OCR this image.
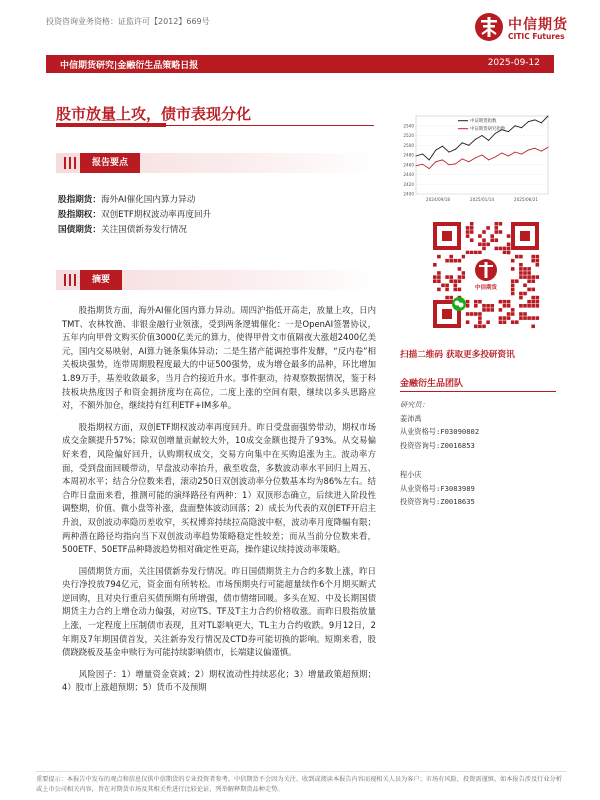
投资咨询业务资格：证监许可【2012】669号	中信期货
CITIC Futures
中信期货研究|金融衍生品策略日报	2025-09-12
股市放量上攻，债市表现分化
报告要点
股指期货：海外AI催化国内算力异动
股指期权：双创ETF期权波动率再度回升
国债期货：关注国债新券发行情况
摘要

股指期货方面，海外AI催化国内算力异动。周四沪指低开高走，放量上攻，日内TMT、农林牧渔、非银金融行业领涨，受到两条逻辑催化：一是OpenAI签署协议，五年内向甲骨文购买价值3000亿美元的算力，使得甲骨文市值隔夜大涨超2400亿美元，国内交易映射，AI算力链条集体异动；二是生猪产能调控事件发酵，“反内卷”相关板块强势，连带周期股程度最大的中证500强势，成为增仓最多的品种，环比增加1.89万手，基差收敛最多，当月合约接近升水。事件驱动，待观察数据情况，鉴于科技板块热度因子和资金拥挤度均在高位，二度上涨的空间有限，继续以多头思路应对，不额外加仓，继续持有红利ETF+IM多单。

股指期权方面，双创ETF期权波动率再度回升。昨日受盘面强势带动，期权市场成交金额提升57%；除双创增量贡献较大外，10成交金额也提升了93%。从交易偏好来看，风险偏好回升，认购期权成交，交易方向集中在买购追涨为主。波动率方面，受到盘面回暖带动，早盘波动率抬升，截至收盘，多数波动率水平回归上周五、本周初水平；结合分位数来看，滚动250日双创波动率分位数基本均为86%左右。结合昨日盘面来看，推测可能的演绎路径有两种：1）双顶形态确立，后续进入阶段性调整期，价值、微小盘等补涨，盘面整体波动回落；2）成长为代表的双创ETF开启主升浪，双创波动率隐历差收窄，买权博弈持续拉高隐波中枢，波动率月度降幅有限；两种潜在路径均指向当下双创波动率趋势策略稳定性较差；而从当前分位数来看，500ETF、50ETF品种降波趋势相对确定性更高，操作建议续持波动率策略。

国债期货方面，关注国债新券发行情况。昨日国债期货主力合约多数上涨，昨日央行净投放794亿元，资金面有所转松。市场预期央行可能超量续作6个月期买断式逆回购，且对央行重启买债预期有所增强，债市情绪回暖。多头在短、中及长期国债期货主力合约上增仓动力偏强，对应TS、TF及T主力合约价格收涨。而昨日股指放量上涨，一定程度上压制债市表现，且对TL影响更大，TL主力合约收跌。9月12日，2年期及7年期国债首发，关注新券发行情况及CTD券可能切换的影响。短期来看，股债跷跷板及基金申赎行为可能持续影响债市，长端建议偏谨慎。

风险因子：1）增量资金衰减；2）期权流动性持续恶化；3）增量政策超预期；4）股市上涨超预期；5）货币不及预期

2400
2420
2440
2460
2480
2500
2520
2540
2024/09/18	2025/01/14	2025/06/21
中证期货指数
中证期货研究指数
中信期货
扫描二维码 获取更多投研资讯
金融衍生品团队
研究员：
姜沛禹
从业资格号:F03090802
投资咨询号:Z0016853
程小庆
从业资格号:F3083989
投资咨询号:Z0018635
重要提示：本报告中发布的观点和信息仅供中信期货的专业投资者参考。中信期货不会因为关注、收到或阅读本报告内容而视相关人员为客户；市场有风险，投资需谨慎。如本报告涉及行业分析或上市公司相关内容，旨在对期货市场及其相关性进行比较论证，列举解释期货品种走势。
